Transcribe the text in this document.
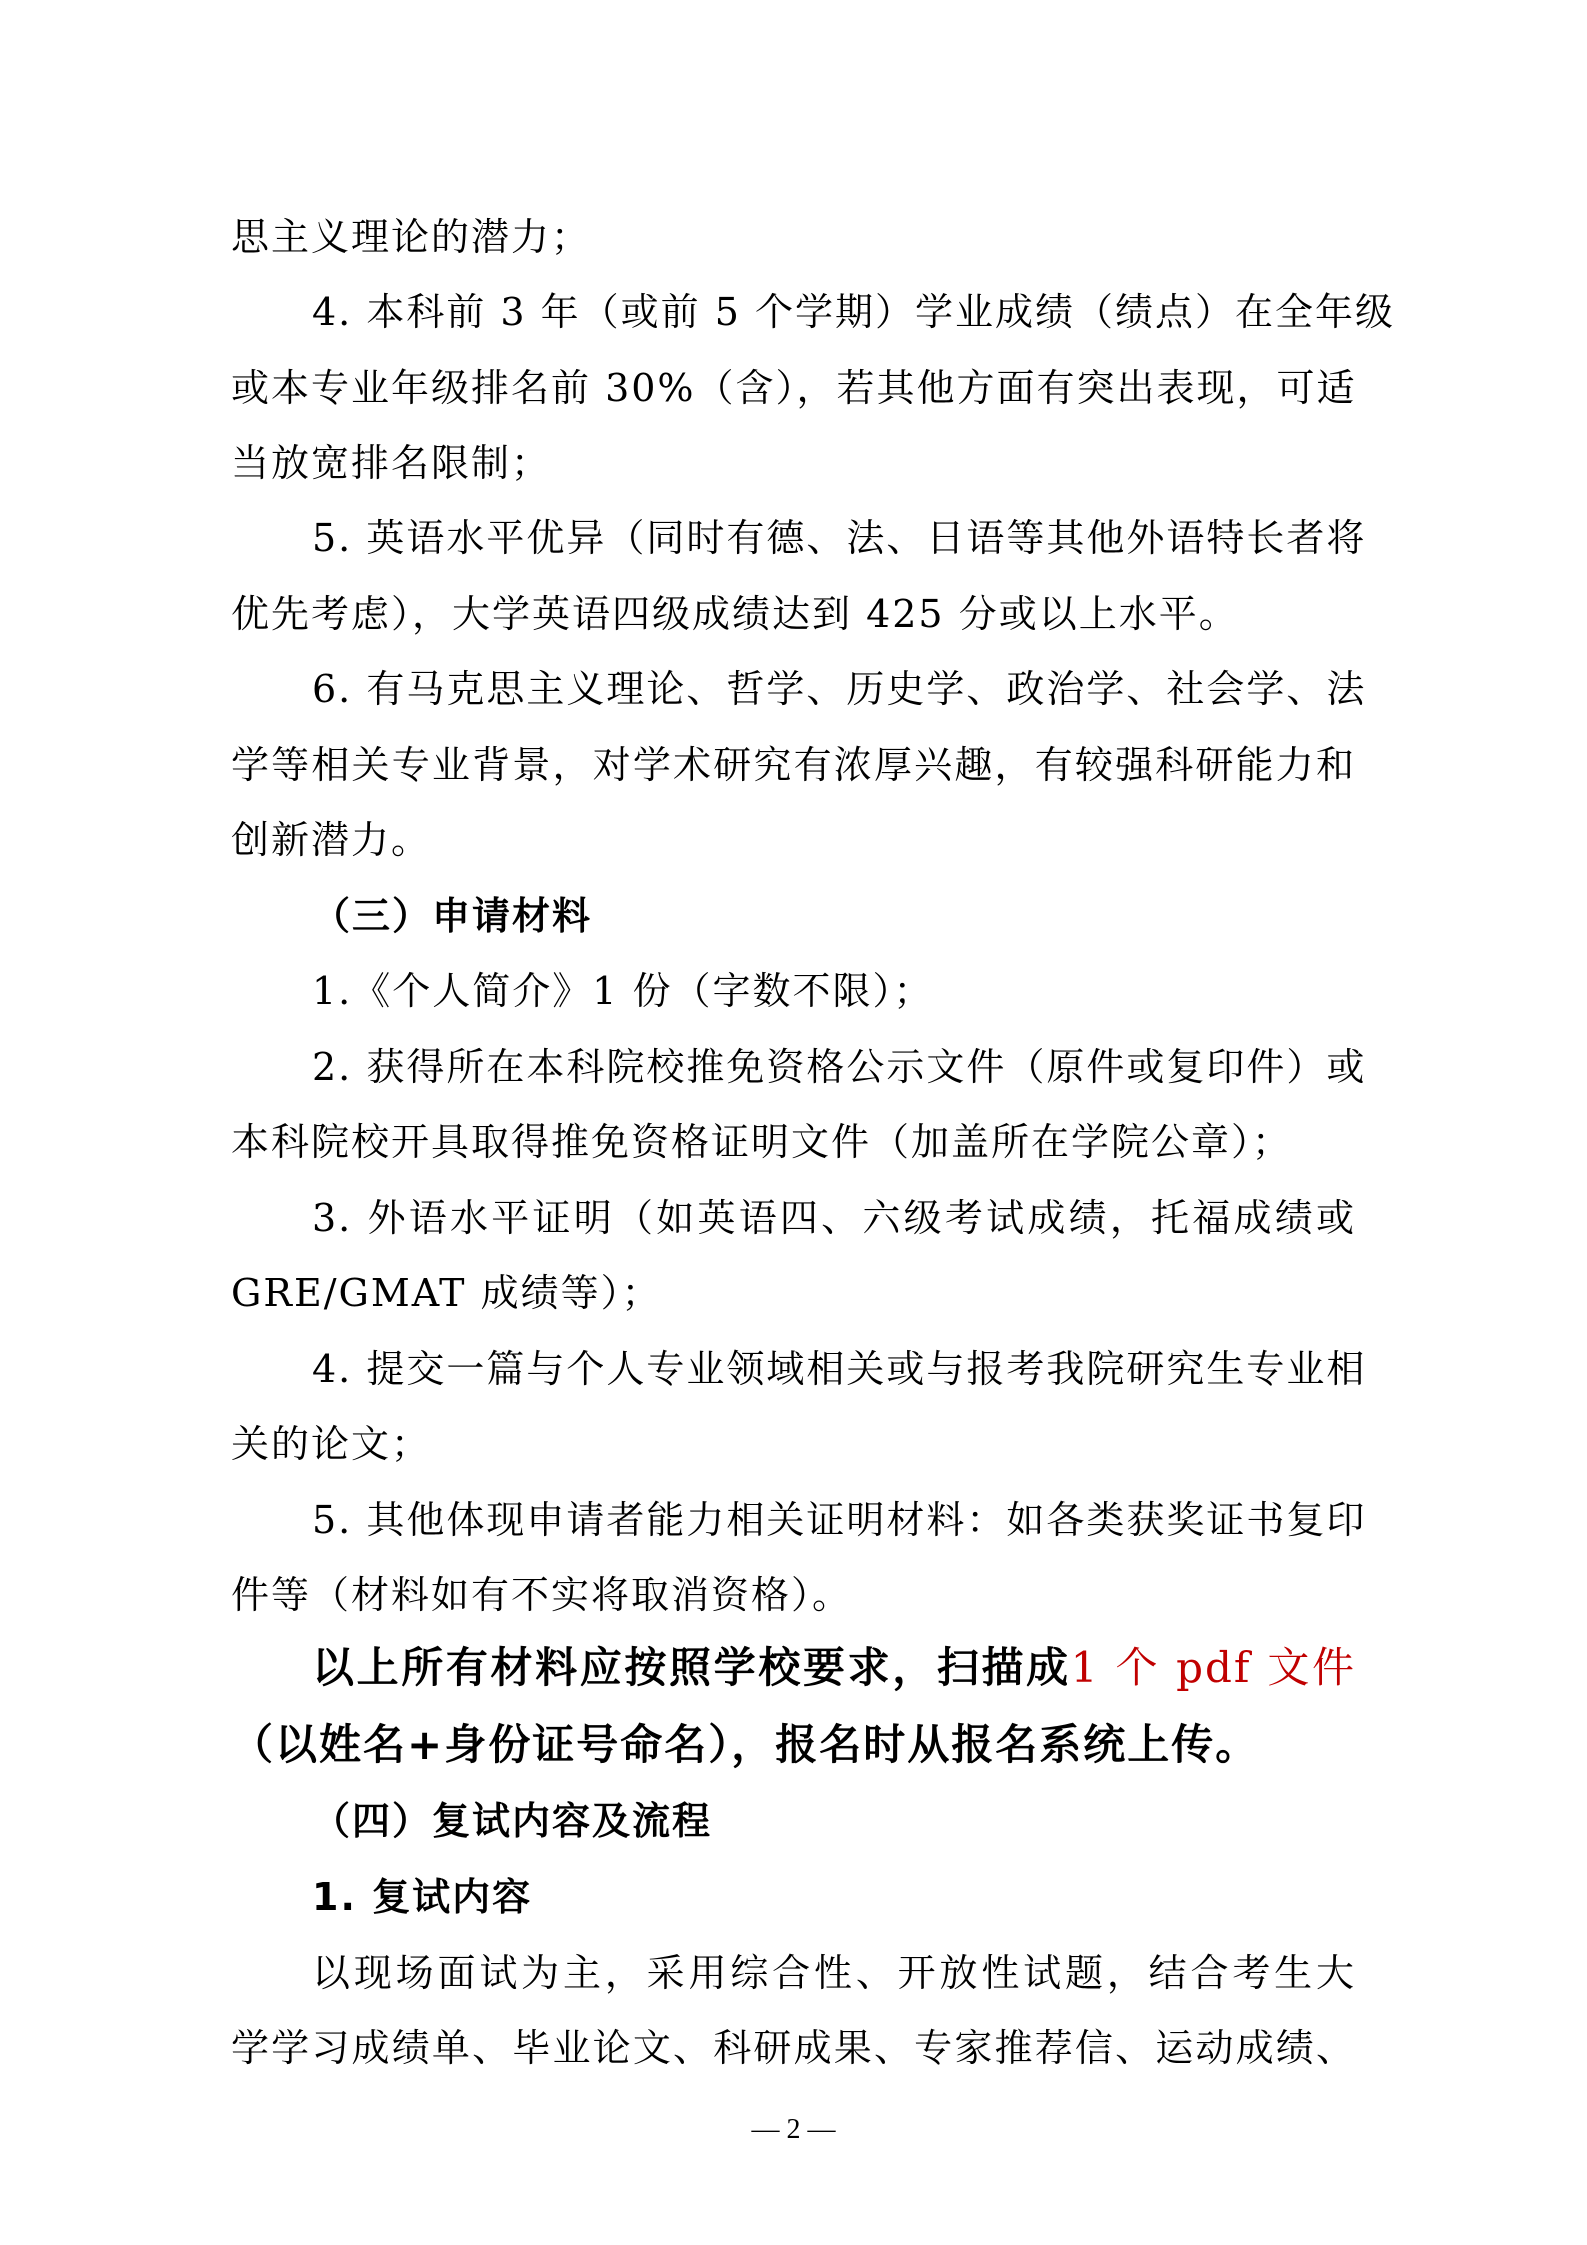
思主义理论的潜力；
4. 本科前 3 年（或前 5 个学期）学业成绩（绩点）在全年级
或本专业年级排名前 30%（含），若其他方面有突出表现，可适
当放宽排名限制；
5. 英语水平优异（同时有德、法、日语等其他外语特长者将
优先考虑），大学英语四级成绩达到 425 分或以上水平。
6. 有马克思主义理论、哲学、历史学、政治学、社会学、法
学等相关专业背景，对学术研究有浓厚兴趣，有较强科研能力和
创新潜力。
（三）申请材料
1.《个人简介》1 份（字数不限）；
2. 获得所在本科院校推免资格公示文件（原件或复印件）或
本科院校开具取得推免资格证明文件（加盖所在学院公章）；
3. 外语水平证明（如英语四、六级考试成绩，托福成绩或
GRE/GMAT 成绩等）；
4. 提交一篇与个人专业领域相关或与报考我院研究生专业相
关的论文；
5. 其他体现申请者能力相关证明材料：如各类获奖证书复印
件等（材料如有不实将取消资格）。
以上所有材料应按照学校要求，扫描成1 个 pdf 文件
（以姓名+身份证号命名），报名时从报名系统上传。
（四）复试内容及流程
1. 复试内容
以现场面试为主，采用综合性、开放性试题，结合考生大
学学习成绩单、毕业论文、科研成果、专家推荐信、运动成绩、
— 2 —
